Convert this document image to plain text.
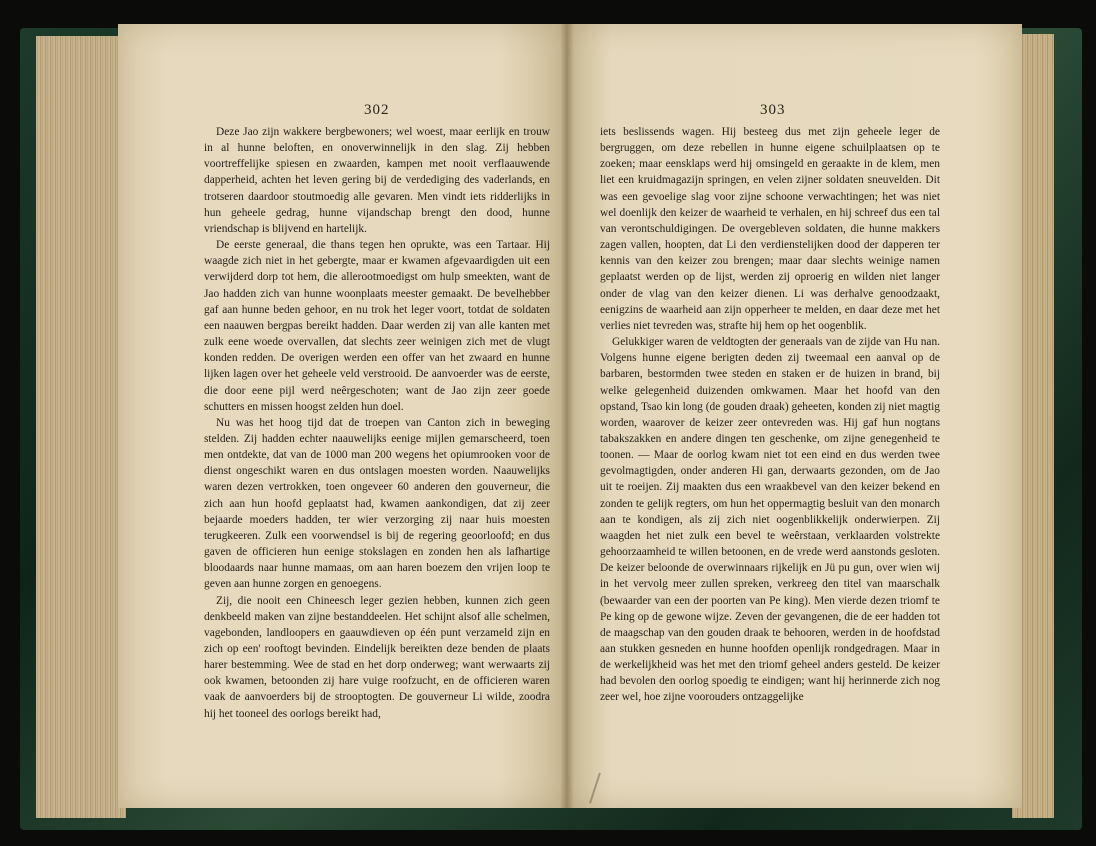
302	303

Deze Jao zijn wakkere bergbewoners; wel woest, maar eerlijk en trouw in al hunne beloften, en onoverwinnelijk in den slag. Zij hebben voortreffelijke spiesen en zwaarden, kampen met nooit verflaauwende dapperheid, achten het leven gering bij de verdediging des vaderlands, en trotseren daardoor stoutmoedig alle gevaren. Men vindt iets ridderlijks in hun geheele gedrag, hunne vijandschap brengt den dood, hunne vriendschap is blijvend en hartelijk.

De eerste generaal, die thans tegen hen oprukte, was een Tartaar. Hij waagde zich niet in het gebergte, maar er kwamen afgevaardigden uit een verwijderd dorp tot hem, die allerootmoedigst om hulp smeekten, want de Jao hadden zich van hunne woonplaats meester gemaakt. De bevelhebber gaf aan hunne beden gehoor, en nu trok het leger voort, totdat de soldaten een naauwen bergpas bereikt hadden. Daar werden zij van alle kanten met zulk eene woede overvallen, dat slechts zeer weinigen zich met de vlugt konden redden. De overigen werden een offer van het zwaard en hunne lijken lagen over het geheele veld verstrooid. De aanvoerder was de eerste, die door eene pijl werd neêrgeschoten; want de Jao zijn zeer goede schutters en missen hoogst zelden hun doel.

Nu was het hoog tijd dat de troepen van Canton zich in beweging stelden. Zij hadden echter naauwelijks eenige mijlen gemarscheerd, toen men ontdekte, dat van de 1000 man 200 wegens het opiumrooken voor de dienst ongeschikt waren en dus ontslagen moesten worden. Naauwelijks waren dezen vertrokken, toen ongeveer 60 anderen den gouverneur, die zich aan hun hoofd geplaatst had, kwamen aankondigen, dat zij zeer bejaarde moeders hadden, ter wier verzorging zij naar huis moesten terugkeeren. Zulk een voorwendsel is bij de regering geoorloofd; en dus gaven de officieren hun eenige stokslagen en zonden hen als lafhartige bloodaards naar hunne mamaas, om aan haren boezem den vrijen loop te geven aan hunne zorgen en genoegens.

Zij, die nooit een Chineesch leger gezien hebben, kunnen zich geen denkbeeld maken van zijne bestanddeelen. Het schijnt alsof alle schelmen, vagebonden, landloopers en gaauwdieven op één punt verzameld zijn en zich op een' rooftogt bevinden. Eindelijk bereikten deze benden de plaats harer bestemming. Wee de stad en het dorp onderweg; want werwaarts zij ook kwamen, betoonden zij hare vuige roofzucht, en de officieren waren vaak de aanvoerders bij de strooptogten. De gouverneur Li wilde, zoodra hij het tooneel des oorlogs bereikt had,

iets beslissends wagen. Hij besteeg dus met zijn geheele leger de bergruggen, om deze rebellen in hunne eigene schuilplaatsen op te zoeken; maar eensklaps werd hij omsingeld en geraakte in de klem, men liet een kruidmagazijn springen, en velen zijner soldaten sneuvelden. Dit was een gevoelige slag voor zijne schoone verwachtingen; het was niet wel doenlijk den keizer de waarheid te verhalen, en hij schreef dus een tal van verontschuldigingen. De overgebleven soldaten, die hunne makkers zagen vallen, hoopten, dat Li den verdienstelijken dood der dapperen ter kennis van den keizer zou brengen; maar daar slechts weinige namen geplaatst werden op de lijst, werden zij oproerig en wilden niet langer onder de vlag van den keizer dienen. Li was derhalve genoodzaakt, eenigzins de waarheid aan zijn opperheer te melden, en daar deze met het verlies niet tevreden was, strafte hij hem op het oogenblik.

Gelukkiger waren de veldtogten der generaals van de zijde van Hu nan. Volgens hunne eigene berigten deden zij tweemaal een aanval op de barbaren, bestormden twee steden en staken er de huizen in brand, bij welke gelegenheid duizenden omkwamen. Maar het hoofd van den opstand, Tsao kin long (de gouden draak) geheeten, konden zij niet magtig worden, waarover de keizer zeer ontevreden was. Hij gaf hun nogtans tabakszakken en andere dingen ten geschenke, om zijne genegenheid te toonen. — Maar de oorlog kwam niet tot een eind en dus werden twee gevolmagtigden, onder anderen Hi gan, derwaarts gezonden, om de Jao uit te roeijen. Zij maakten dus een wraakbevel van den keizer bekend en zonden te gelijk regters, om hun het oppermagtig besluit van den monarch aan te kondigen, als zij zich niet oogenblikkelijk onderwierpen. Zij waagden het niet zulk een bevel te weêrstaan, verklaarden volstrekte gehoorzaamheid te willen betoonen, en de vrede werd aanstonds gesloten. De keizer beloonde de overwinnaars rijkelijk en Jü pu gun, over wien wij in het vervolg meer zullen spreken, verkreeg den titel van maarschalk (bewaarder van een der poorten van Pe king). Men vierde dezen triomf te Pe king op de gewone wijze. Zeven der gevangenen, die de eer hadden tot de maagschap van den gouden draak te behooren, werden in de hoofdstad aan stukken gesneden en hunne hoofden openlijk rondgedragen. Maar in de werkelijkheid was het met den triomf geheel anders gesteld. De keizer had bevolen den oorlog spoedig te eindigen; want hij herinnerde zich nog zeer wel, hoe zijne voorouders ontzaggelijke
